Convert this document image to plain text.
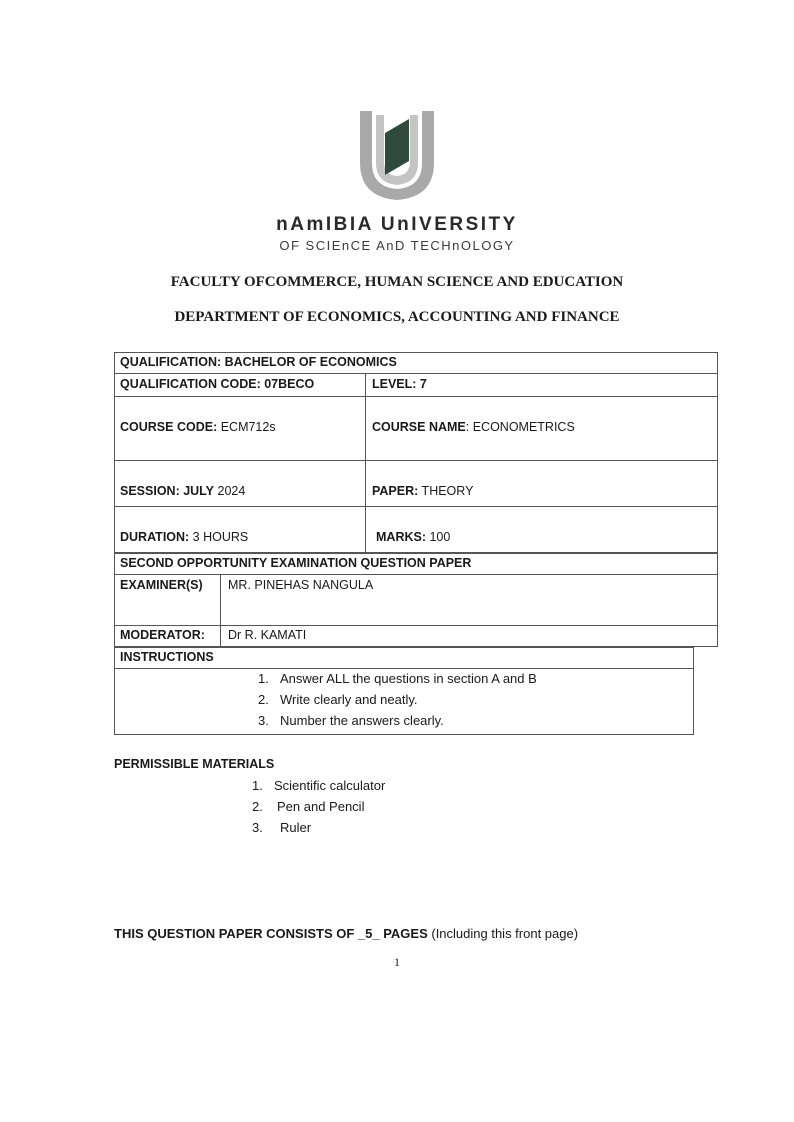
nAmIBIA UnIVERSITY
OF SCIEnCE AnD TECHnOLOGY
FACULTY OFCOMMERCE, HUMAN SCIENCE AND EDUCATION
DEPARTMENT OF ECONOMICS, ACCOUNTING AND FINANCE
QUALIFICATION: BACHELOR OF ECONOMICS
QUALIFICATION CODE: 07BECO	LEVEL: 7
COURSE CODE: ECM712s	COURSE NAME: ECONOMETRICS
SESSION: JULY 2024	PAPER: THEORY
DURATION: 3 HOURS	MARKS: 100
SECOND OPPORTUNITY EXAMINATION QUESTION PAPER
EXAMINER(S) MR. PINEHAS NANGULA
MODERATOR: Dr R. KAMATI
INSTRUCTIONS
1. Answer ALL the questions in section A and B
2. Write clearly and neatly.
3. Number the answers clearly.
PERMISSIBLE MATERIALS
1. Scientific calculator
2. Pen and Pencil
3. Ruler
THIS QUESTION PAPER CONSISTS OF _5_ PAGES (Including this front page)
1
